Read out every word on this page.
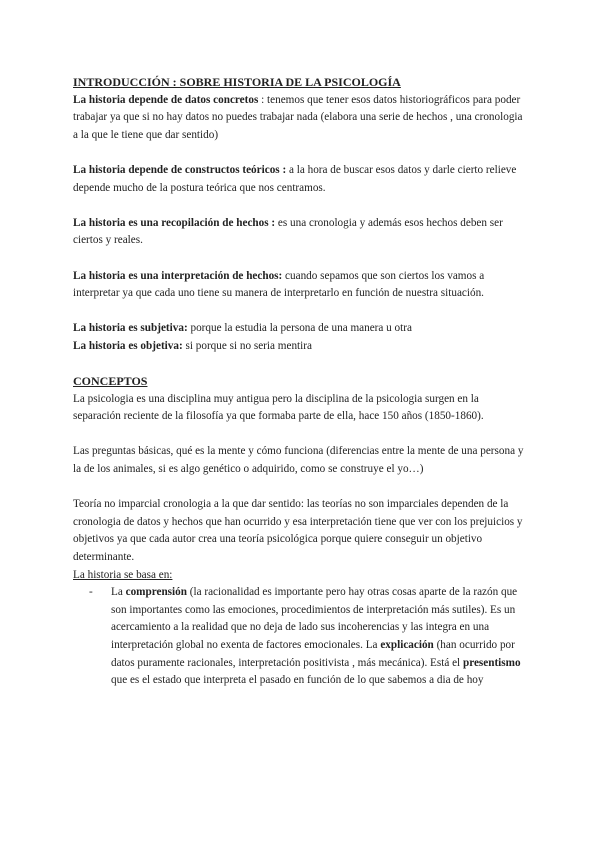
INTRODUCCIÓN : SOBRE HISTORIA DE LA PSICOLOGÍA

La historia depende de datos concretos : tenemos que tener esos datos historiográficos para poder trabajar ya que si no hay datos no puedes trabajar nada (elabora una serie de hechos , una cronologia a la que le tiene que dar sentido)

La historia depende de constructos teóricos : a la hora de buscar esos datos y darle cierto relieve depende mucho de la postura teórica que nos centramos.

La historia es una recopilación de hechos : es una cronologia y además esos hechos deben ser ciertos y reales.

La historia es una interpretación de hechos: cuando sepamos que son ciertos los vamos a interpretar ya que cada uno tiene su manera de interpretarlo en función de nuestra situación.

La historia es subjetiva: porque la estudia la persona de una manera u otra

La historia es objetiva: si porque si no seria mentira

CONCEPTOS

La psicologia es una disciplina muy antigua pero la disciplina de la psicologia surgen en la separación reciente de la filosofía ya que formaba parte de ella, hace 150 años (1850-1860).

Las preguntas básicas, qué es la mente y cómo funciona (diferencias entre la mente de una persona y la de los animales, si es algo genético o adquirido, como se construye el yo…)

Teoría no imparcial cronologia a la que dar sentido: las teorías no son imparciales dependen de la cronologia de datos y hechos que han ocurrido y esa interpretación tiene que ver con los prejuicios y objetivos ya que cada autor crea una teoría psicológica porque quiere conseguir un objetivo determinante.

La historia se basa en:

- La comprensión (la racionalidad es importante pero hay otras cosas aparte de la razón que son importantes como las emociones, procedimientos de interpretación más sutiles). Es un acercamiento a la realidad que no deja de lado sus incoherencias y las integra en una interpretación global no exenta de factores emocionales. La explicación (han ocurrido por datos puramente racionales, interpretación positivista , más mecánica). Está el presentismo que es el estado que interpreta el pasado en función de lo que sabemos a dia de hoy
